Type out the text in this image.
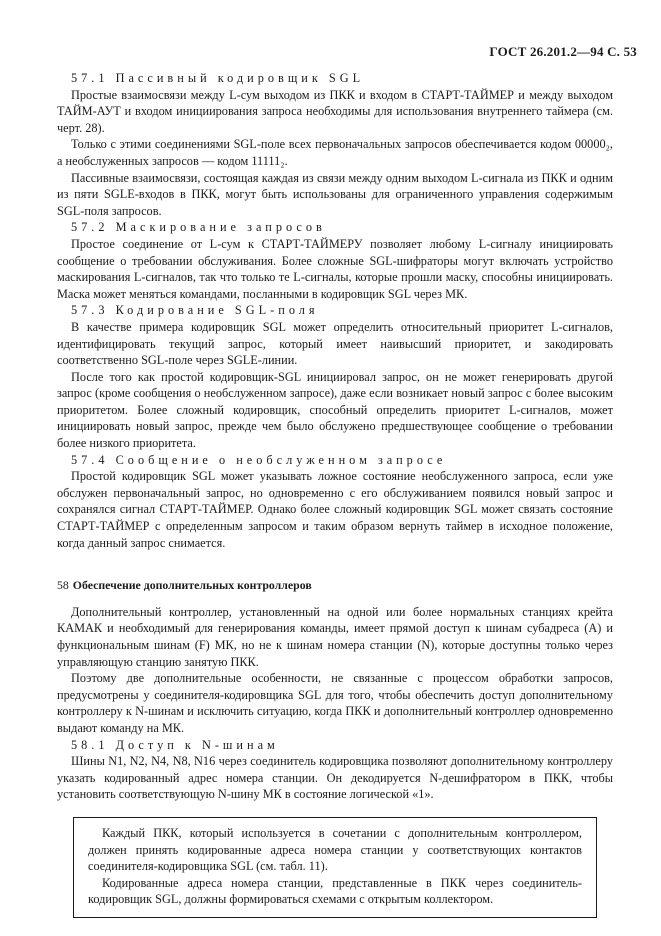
ГОСТ 26.201.2—94 С. 53
57.1 Пассивный кодировщик SGL

Простые взаимосвязи между L-сум выходом из ПКК и входом в СТАРТ-ТАЙМЕР и между выходом ТАЙМ-АУТ и входом инициирования запроса необходимы для использования внутреннего таймера (см. черт. 28).

Только с этими соединениями SGL-поле всех первоначальных запросов обеспечивается кодом 00000₂, а необслуженных запросов — кодом 11111₂.

Пассивные взаимосвязи, состоящая каждая из связи между одним выходом L-сигнала из ПКК и одним из пяти SGLE-входов в ПКК, могут быть использованы для ограниченного управления содержимым SGL-поля запросов.

57.2 Маскирование запросов

Простое соединение от L-сум к СТАРТ-ТАЙМЕРУ позволяет любому L-сигналу инициировать сообщение о требовании обслуживания. Более сложные SGL-шифраторы могут включать устройство маскирования L-сигналов, так что только те L-сигналы, которые прошли маску, способны инициировать. Маска может меняться командами, посланными в кодировщик SGL через МК.

57.3 Кодирование SGL-поля

В качестве примера кодировщик SGL может определить относительный приоритет L-сигналов, идентифицировать текущий запрос, который имеет наивысший приоритет, и закодировать соответственно SGL-поле через SGLE-линии.

После того как простой кодировщик-SGL инициировал запрос, он не может генерировать другой запрос (кроме сообщения о необслуженном запросе), даже если возникает новый запрос с более высоким приоритетом. Более сложный кодировщик, способный определить приоритет L-сигналов, может инициировать новый запрос, прежде чем было обслужено предшествующее сообщение о требовании более низкого приоритета.

57.4 Сообщение о необслуженном запросе

Простой кодировщик SGL может указывать ложное состояние необслуженного запроса, если уже обслужен первоначальный запрос, но одновременно с его обслуживанием появился новый запрос и сохранялся сигнал СТАРТ-ТАЙМЕР. Однако более сложный кодировщик SGL может связать состояние СТАРТ-ТАЙМЕР с определенным запросом и таким образом вернуть таймер в исходное положение, когда данный запрос снимается.

58 Обеспечение дополнительных контроллеров

Дополнительный контроллер, установленный на одной или более нормальных станциях крейта КАМАК и необходимый для генерирования команды, имеет прямой доступ к шинам субадреса (А) и функциональным шинам (F) МК, но не к шинам номера станции (N), которые доступны только через управляющую станцию занятую ПКК.

Поэтому две дополнительные особенности, не связанные с процессом обработки запросов, предусмотрены у соединителя-кодировщика SGL для того, чтобы обеспечить доступ дополнительному контроллеру к N-шинам и исключить ситуацию, когда ПКК и дополнительный контроллер одновременно выдают команду на МК.

58.1 Доступ к N-шинам

Шины N1, N2, N4, N8, N16 через соединитель кодировщика позволяют дополнительному контроллеру указать кодированный адрес номера станции. Он декодируется N-дешифратором в ПКК, чтобы установить соответствующую N-шину МК в состояние логической «1».

Каждый ПКК, который используется в сочетании с дополнительным контроллером, должен принять кодированные адреса номера станции у соответствующих контактов соединителя-кодировщика SGL (см. табл. 11).

Кодированные адреса номера станции, представленные в ПКК через соединитель-кодировщик SGL, должны формироваться схемами с открытым коллектором.
